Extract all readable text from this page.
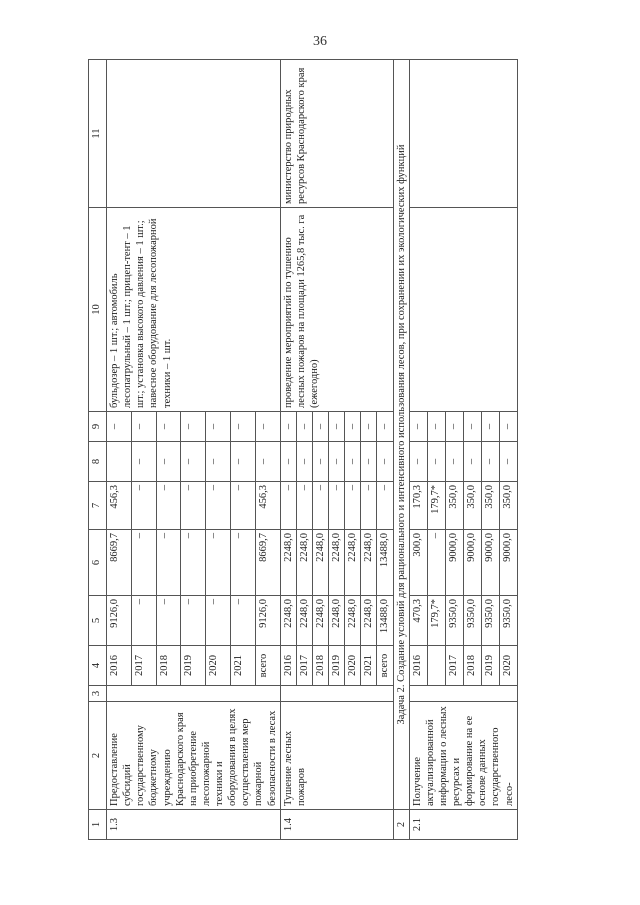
36
1	2	3	4	5	6	7	8	9	10	11
1.3	Предоставление субсидий государственному бюджетному учреждению Краснодарского края на приобретение лесопожарной техники и оборудования в целях осуществления мер пожарной безопасности в лесах		2016	9126,0	8669,7	456,3		–	бульдозер – 1 шт.; автомобиль лесопатрульный – 1 шт.; прицеп-тент – 1 шт.; установка высокого давления – 1 шт.; навесное оборудование для лесопожарной техники – 1 шт.	
			2017	–	–	–	–	–		
			2018	–	–	–	–	–		
			2019	–	–	–	–	–		
			2020	–	–	–	–	–		
			2021	–	–	–	–	–		
			всего	9126,0	8669,7	456,3	–	–		
1.4	Тушение лесных пожаров		2016	2248,0	2248,0	–	–	–	проведение мероприятий по тушению лесных пожаров на площади 1265,8 тыс. га (ежегодно)	министерство природных ресурсов Краснодарского края
			2017	2248,0	2248,0	–	–	–		
			2018	2248,0	2248,0	–	–	–		
			2019	2248,0	2248,0	–	–	–		
			2020	2248,0	2248,0	–	–	–		
			2021	2248,0	2248,0	–	–	–		
			всего	13488,0	13488,0	–	–	–		
2	Задача 2. Создание условий для рационального и интенсивного использования лесов, при сохранении их экологических функций									
2.1	Получение актуализированной информации о лесных ресурсах и формирование на ее основе данных государственного лесо-		2016	470,3	300,0	170,3	–	–		
				179,7*	–	179,7*	–	–		
			2017	9350,0	9000,0	350,0	–	–		
			2018	9350,0	9000,0	350,0	–	–		
			2019	9350,0	9000,0	350,0	–	–		
			2020	9350,0	9000,0	350,0	–	–		
